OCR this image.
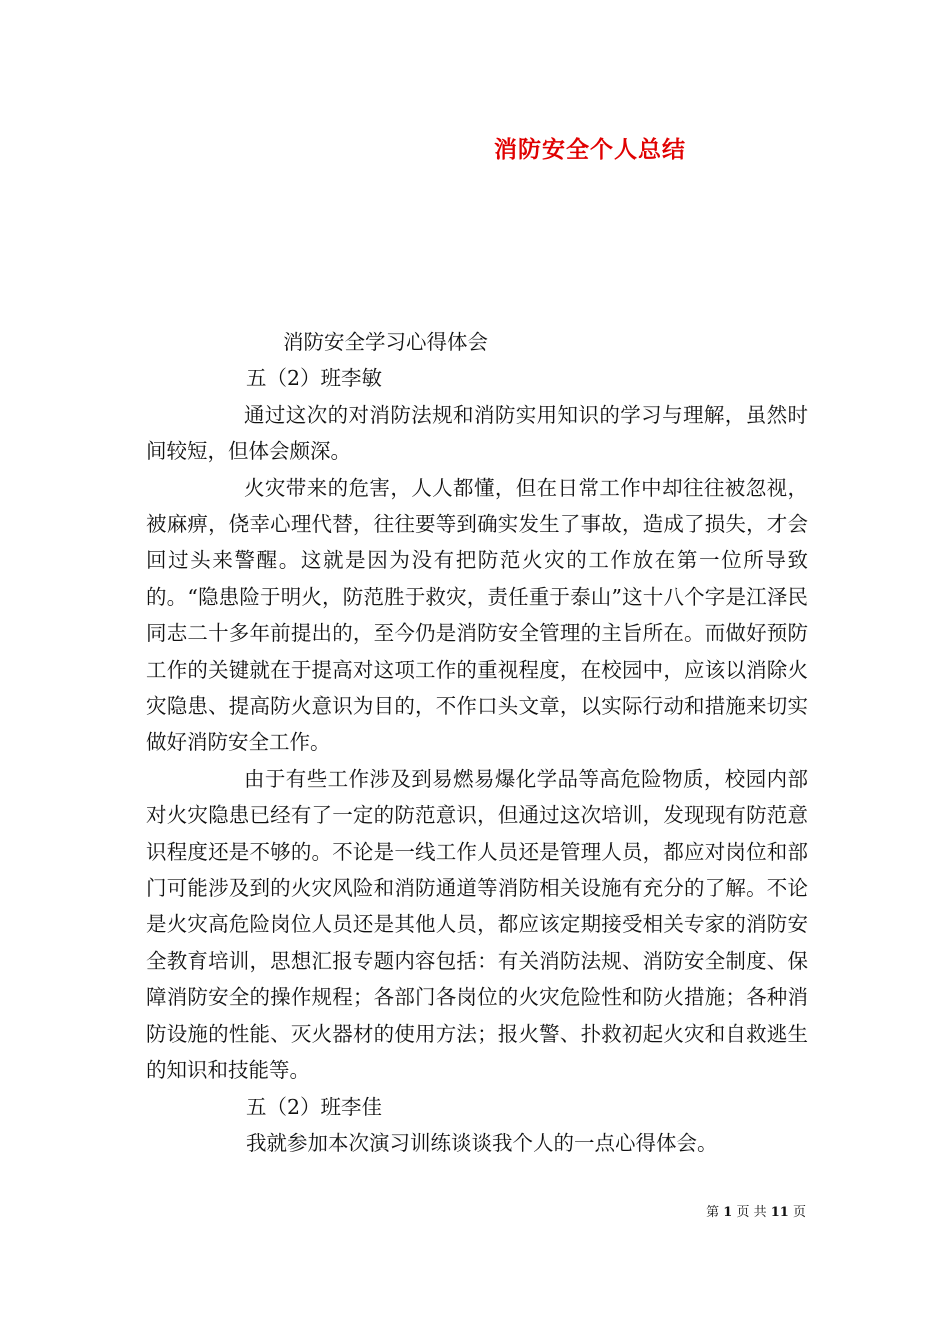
消防安全个人总结

消防安全学习心得体会

五（2）班李敏

通过这次的对消防法规和消防实用知识的学习与理解，虽然时间较短，但体会颇深。

火灾带来的危害，人人都懂，但在日常工作中却往往被忽视，被麻痹，侥幸心理代替，往往要等到确实发生了事故，造成了损失，才会回过头来警醒。这就是因为没有把防范火灾的工作放在第一位所导致的。“隐患险于明火，防范胜于救灾，责任重于泰山”这十八个字是江泽民同志二十多年前提出的，至今仍是消防安全管理的主旨所在。而做好预防工作的关键就在于提高对这项工作的重视程度，在校园中，应该以消除火灾隐患、提高防火意识为目的，不作口头文章，以实际行动和措施来切实做好消防安全工作。

由于有些工作涉及到易燃易爆化学品等高危险物质，校园内部对火灾隐患已经有了一定的防范意识，但通过这次培训，发现现有防范意识程度还是不够的。不论是一线工作人员还是管理人员，都应对岗位和部门可能涉及到的火灾风险和消防通道等消防相关设施有充分的了解。不论是火灾高危险岗位人员还是其他人员，都应该定期接受相关专家的消防安全教育培训，思想汇报专题内容包括：有关消防法规、消防安全制度、保障消防安全的操作规程；各部门各岗位的火灾危险性和防火措施；各种消防设施的性能、灭火器材的使用方法；报火警、扑救初起火灾和自救逃生的知识和技能等。

五（2）班李佳

我就参加本次演习训练谈谈我个人的一点心得体会。

第 1 页 共 11 页
